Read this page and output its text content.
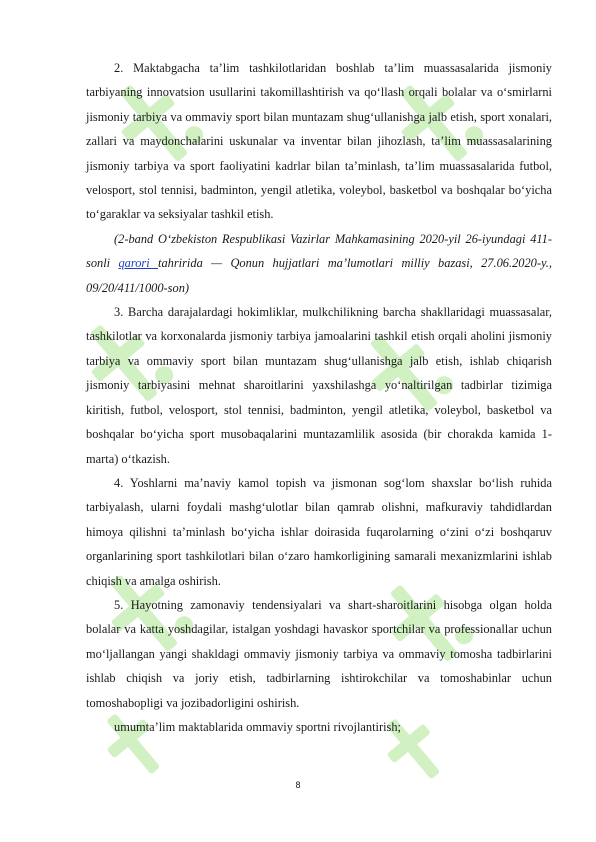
2. Maktabgacha ta’lim tashkilotlaridan boshlab ta’lim muassasalarida jismoniy tarbiyaning innovatsion usullarini takomillashtirish va qo‘llash orqali bolalar va o‘smirlarni jismoniy tarbiya va ommaviy sport bilan muntazam shug‘ullanishga jalb etish, sport xonalari, zallari va maydonchalarini uskunalar va inventar bilan jihozlash, ta’lim muassasalarining jismoniy tarbiya va sport faoliyatini kadrlar bilan ta’minlash, ta’lim muassasalarida futbol, velosport, stol tennisi, badminton, yengil atletika, voleybol, basketbol va boshqalar bo‘yicha to‘garaklar va seksiyalar tashkil etish.

(2-band O‘zbekiston Respublikasi Vazirlar Mahkamasining 2020-yil 26-iyundagi 411-sonli qarori tahririda — Qonun hujjatlari ma’lumotlari milliy bazasi, 27.06.2020-y., 09/20/411/1000-son)

3. Barcha darajalardagi hokimliklar, mulkchilikning barcha shakllaridagi muassasalar, tashkilotlar va korxonalarda jismoniy tarbiya jamoalarini tashkil etish orqali aholini jismoniy tarbiya va ommaviy sport bilan muntazam shug‘ullanishga jalb etish, ishlab chiqarish jismoniy tarbiyasini mehnat sharoitlarini yaxshilashga yo‘naltirilgan tadbirlar tizimiga kiritish, futbol, velosport, stol tennisi, badminton, yengil atletika, voleybol, basketbol va boshqalar bo‘yicha sport musobaqalarini muntazamlilik asosida (bir chorakda kamida 1-marta) o‘tkazish.

4. Yoshlarni ma’naviy kamol topish va jismonan sog‘lom shaxslar bo‘lish ruhida tarbiyalash, ularni foydali mashg‘ulotlar bilan qamrab olishni, mafkuraviy tahdidlardan himoya qilishni ta’minlash bo‘yicha ishlar doirasida fuqarolarning o‘zini o‘zi boshqaruv organlarining sport tashkilotlari bilan o‘zaro hamkorligining samarali mexanizmlarini ishlab chiqish va amalga oshirish.

5. Hayotning zamonaviy tendensiyalari va shart-sharoitlarini hisobga olgan holda bolalar va katta yoshdagilar, istalgan yoshdagi havaskor sportchilar va professionallar uchun mo‘ljallangan yangi shakldagi ommaviy jismoniy tarbiya va ommaviy tomosha tadbirlarini ishlab chiqish va joriy etish, tadbirlarning ishtirokchilar va tomoshabinlar uchun tomoshabopligi va jozibadorligini oshirish.

umumta’lim maktablarida ommaviy sportni rivojlantirish;

8
